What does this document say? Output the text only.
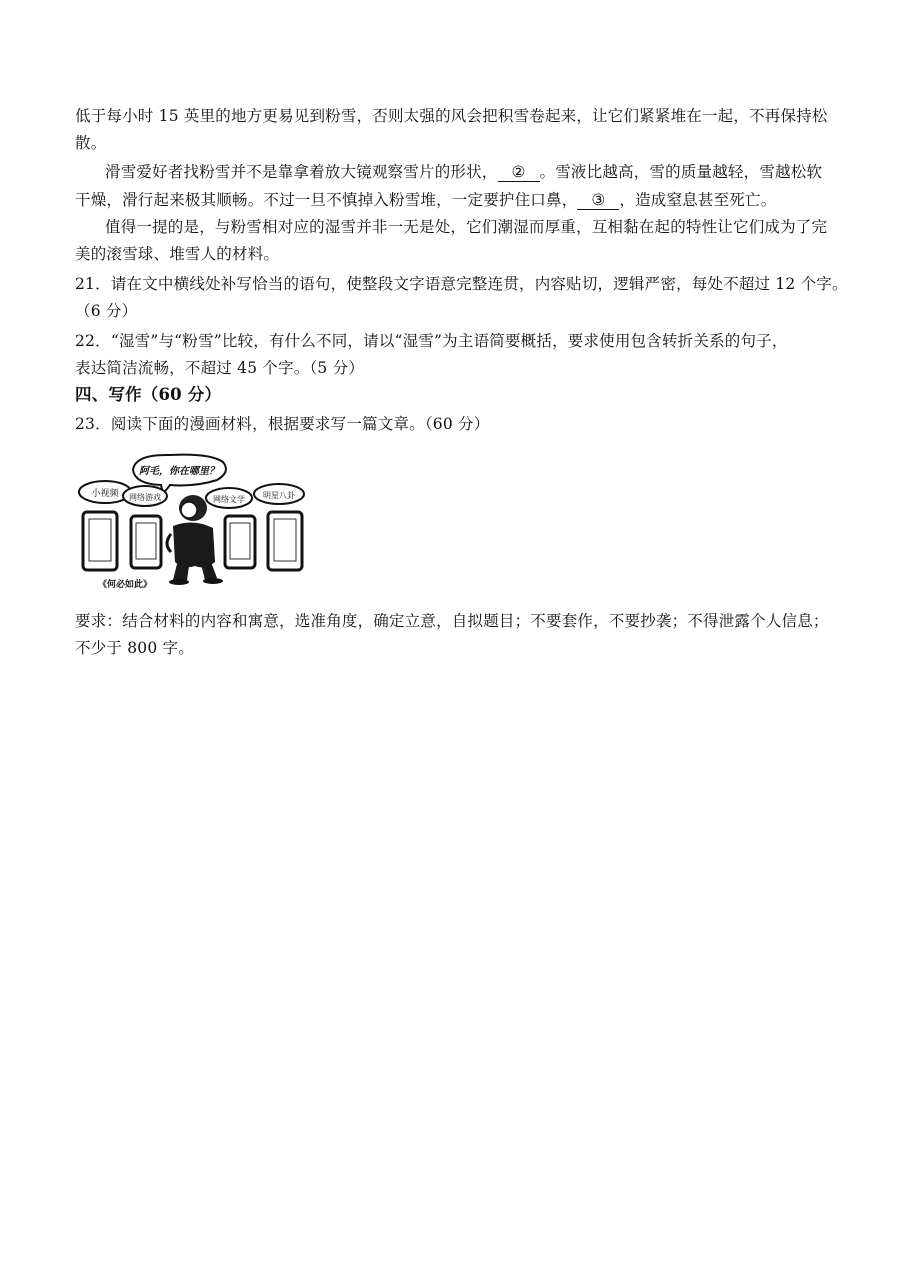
低于每小时 15 英里的地方更易见到粉雪，否则太强的风会把积雪卷起来，让它们紧紧堆在一起，不再保持松
散。
滑雪爱好者找粉雪并不是靠拿着放大镜观察雪片的形状， ② 。雪液比越高，雪的质量越轻，雪越松软
干燥，滑行起来极其顺畅。不过一旦不慎掉入粉雪堆，一定要护住口鼻， ③ ，造成窒息甚至死亡。
值得一提的是，与粉雪相对应的湿雪并非一无是处，它们潮湿而厚重，互相黏在起的特性让它们成为了完
美的滚雪球、堆雪人的材料。
21．请在文中横线处补写恰当的语句，使整段文字语意完整连贯，内容贴切，逻辑严密，每处不超过 12 个字。
（6 分）
22．“湿雪”与“粉雪”比较，有什么不同，请以“湿雪”为主语简要概括，要求使用包含转折关系的句子，
表达简洁流畅，不超过 45 个字。（5 分）
四、写作（60 分）
23．阅读下面的漫画材料，根据要求写一篇文章。（60 分）
阿毛，你在哪里？
小视频 网络游戏	网络文学 明星八卦
《何必如此》
要求：结合材料的内容和寓意，选准角度，确定立意，自拟题目；不要套作，不要抄袭；不得泄露个人信息；
不少于 800 字。
